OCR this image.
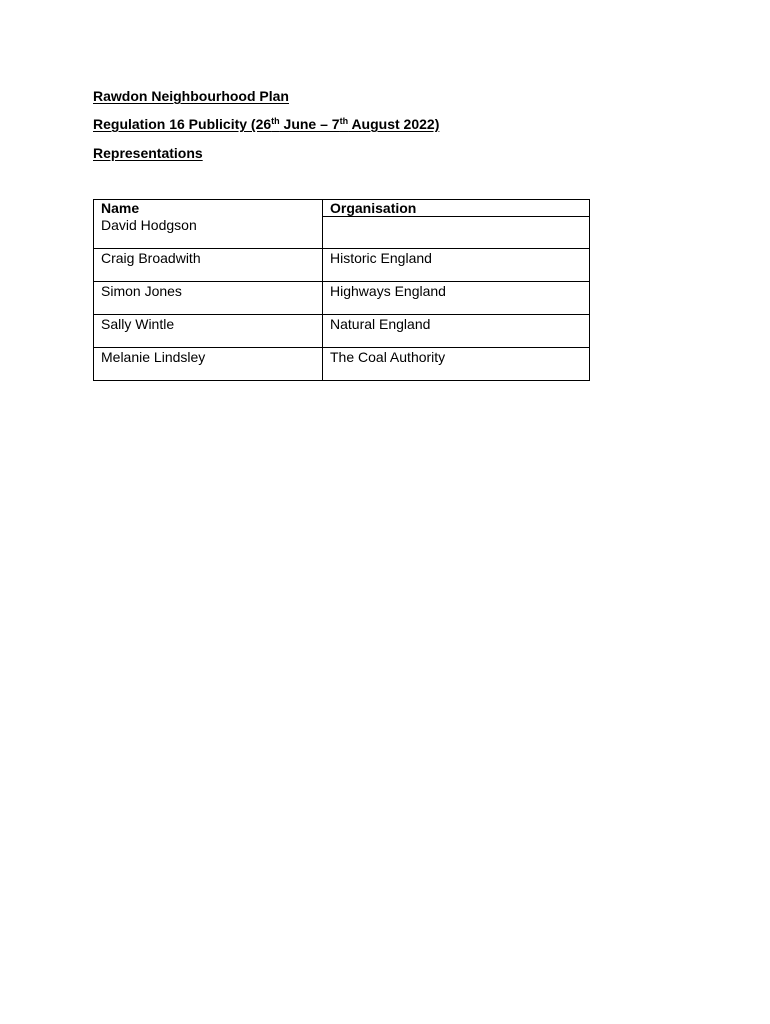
Rawdon Neighbourhood Plan

Regulation 16 Publicity (26th June – 7th August 2022)

Representations

Name	Organisation
David Hodgson	
Craig Broadwith	Historic England
Simon Jones	Highways England
Sally Wintle	Natural England
Melanie Lindsley	The Coal Authority
